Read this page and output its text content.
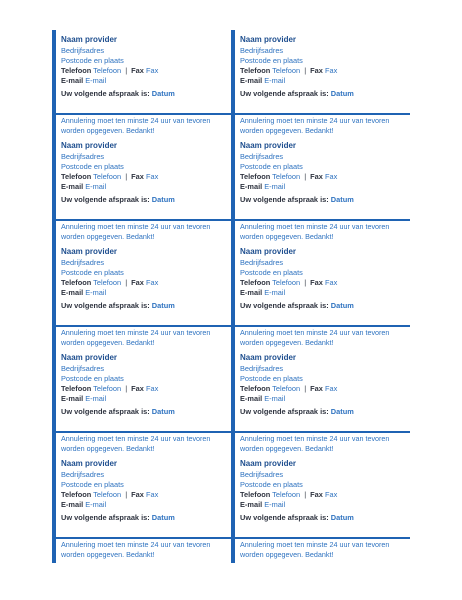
Naam provider
Bedrijfsadres
Postcode en plaats
Telefoon Telefoon | Fax Fax
E-mail E-mail
Uw volgende afspraak is: Datum
Annulering moet ten minste 24 uur van tevoren worden opgegeven. Bedankt!
Naam provider
Bedrijfsadres
Postcode en plaats
Telefoon Telefoon | Fax Fax
E-mail E-mail
Uw volgende afspraak is: Datum
Annulering moet ten minste 24 uur van tevoren worden opgegeven. Bedankt!
Naam provider
Bedrijfsadres
Postcode en plaats
Telefoon Telefoon | Fax Fax
E-mail E-mail
Uw volgende afspraak is: Datum
Annulering moet ten minste 24 uur van tevoren worden opgegeven. Bedankt!
Naam provider
Bedrijfsadres
Postcode en plaats
Telefoon Telefoon | Fax Fax
E-mail E-mail
Uw volgende afspraak is: Datum
Annulering moet ten minste 24 uur van tevoren worden opgegeven. Bedankt!
Naam provider
Bedrijfsadres
Postcode en plaats
Telefoon Telefoon | Fax Fax
E-mail E-mail
Uw volgende afspraak is: Datum
Annulering moet ten minste 24 uur van tevoren worden opgegeven. Bedankt!
Naam provider
Bedrijfsadres
Postcode en plaats
Telefoon Telefoon | Fax Fax
E-mail E-mail
Uw volgende afspraak is: Datum
Annulering moet ten minste 24 uur van tevoren worden opgegeven. Bedankt!
Naam provider
Bedrijfsadres
Postcode en plaats
Telefoon Telefoon | Fax Fax
E-mail E-mail
Uw volgende afspraak is: Datum
Annulering moet ten minste 24 uur van tevoren worden opgegeven. Bedankt!
Naam provider
Bedrijfsadres
Postcode en plaats
Telefoon Telefoon | Fax Fax
E-mail E-mail
Uw volgende afspraak is: Datum
Annulering moet ten minste 24 uur van tevoren worden opgegeven. Bedankt!
Naam provider
Bedrijfsadres
Postcode en plaats
Telefoon Telefoon | Fax Fax
E-mail E-mail
Uw volgende afspraak is: Datum
Annulering moet ten minste 24 uur van tevoren worden opgegeven. Bedankt!
Naam provider
Bedrijfsadres
Postcode en plaats
Telefoon Telefoon | Fax Fax
E-mail E-mail
Uw volgende afspraak is: Datum
Annulering moet ten minste 24 uur van tevoren worden opgegeven. Bedankt!
